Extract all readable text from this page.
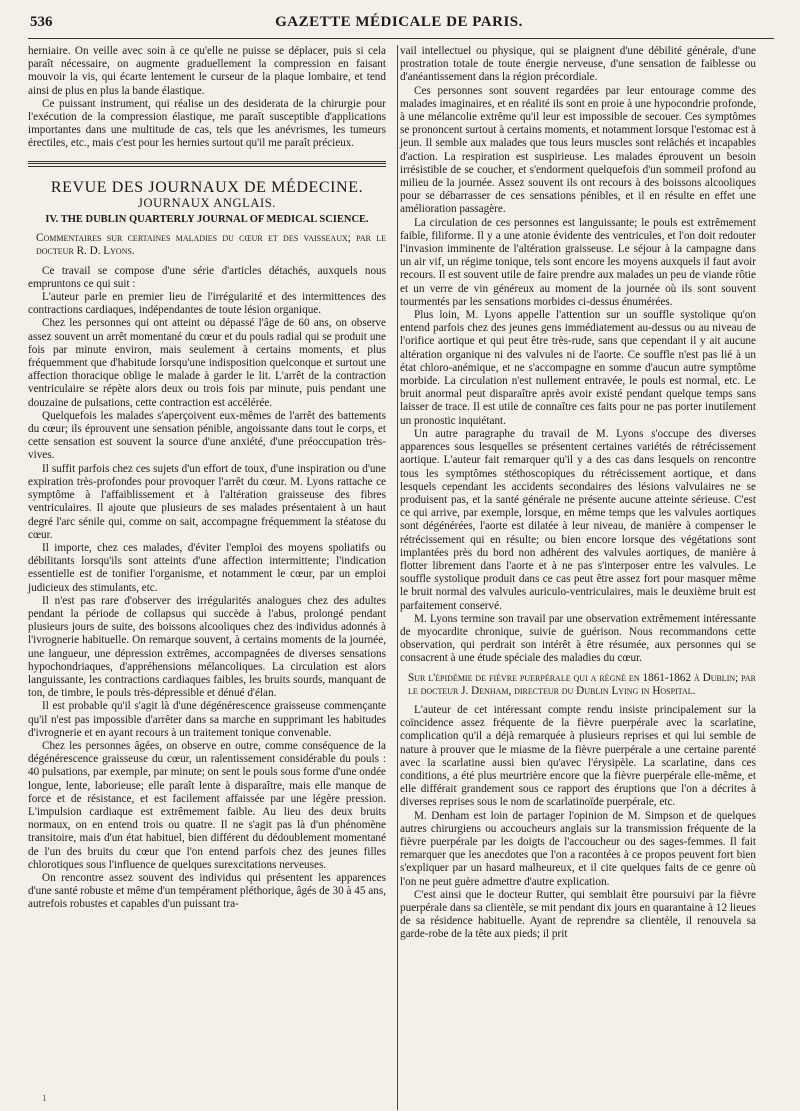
536	GAZETTE MÉDICALE DE PARIS.

herniaire. On veille avec soin à ce qu'elle ne puisse se déplacer, puis si cela paraît nécessaire, on augmente graduellement la compression en faisant mouvoir la vis, qui écarte lentement le curseur de la plaque lombaire, et tend ainsi de plus en plus la bande élastique.

Ce puissant instrument, qui réalise un des desiderata de la chirurgie pour l'exécution de la compression élastique, me paraît susceptible d'applications importantes dans une multitude de cas, tels que les anévrismes, les tumeurs érectiles, etc., mais c'est pour les hernies surtout qu'il me paraît précieux.

REVUE DES JOURNAUX DE MÉDECINE.
JOURNAUX ANGLAIS.
IV. THE DUBLIN QUARTERLY JOURNAL OF MEDICAL SCIENCE.

Commentaires sur certaines maladies du cœur et des vaisseaux; par le docteur R. D. Lyons.

Ce travail se compose d'une série d'articles détachés, auxquels nous empruntons ce qui suit :

L'auteur parle en premier lieu de l'irrégularité et des intermittences des contractions cardiaques, indépendantes de toute lésion organique.

Chez les personnes qui ont atteint ou dépassé l'âge de 60 ans, on observe assez souvent un arrêt momentané du cœur et du pouls radial qui se produit une fois par minute environ, mais seulement à certains moments, et plus fréquemment que d'habitude lorsqu'une indisposition quelconque et surtout une affection thoracique oblige le malade à garder le lit. L'arrêt de la contraction ventriculaire se répète alors deux ou trois fois par minute, puis pendant une douzaine de pulsations, cette contraction est accélérée.

Quelquefois les malades s'aperçoivent eux-mêmes de l'arrêt des battements du cœur; ils éprouvent une sensation pénible, angoissante dans tout le corps, et cette sensation est souvent la source d'une anxiété, d'une préoccupation très-vives.

Il suffit parfois chez ces sujets d'un effort de toux, d'une inspiration ou d'une expiration très-profondes pour provoquer l'arrêt du cœur. M. Lyons rattache ce symptôme à l'affaiblissement et à l'altération graisseuse des fibres ventriculaires. Il ajoute que plusieurs de ses malades présentaient à un haut degré l'arc sénile qui, comme on sait, accompagne fréquemment la stéatose du cœur.

Il importe, chez ces malades, d'éviter l'emploi des moyens spoliatifs ou débilitants lorsqu'ils sont atteints d'une affection intermittente; l'indication essentielle est de tonifier l'organisme, et notamment le cœur, par un emploi judicieux des stimulants, etc.

Il n'est pas rare d'observer des irrégularités analogues chez des adultes pendant la période de collapsus qui succède à l'abus, prolongé pendant plusieurs jours de suite, des boissons alcooliques chez des individus adonnés à l'ivrognerie habituelle. On remarque souvent, à certains moments de la journée, une langueur, une dépression extrêmes, accompagnées de diverses sensations hypochondriaques, d'appréhensions mélancoliques. La circulation est alors languissante, les contractions cardiaques faibles, les bruits sourds, manquant de ton, de timbre, le pouls très-dépressible et dénué d'élan.

Il est probable qu'il s'agit là d'une dégénérescence graisseuse commençante qu'il n'est pas impossible d'arrêter dans sa marche en supprimant les habitudes d'ivrognerie et en ayant recours à un traitement tonique convenable.

Chez les personnes âgées, on observe en outre, comme conséquence de la dégénérescence graisseuse du cœur, un ralentissement considérable du pouls : 40 pulsations, par exemple, par minute; on sent le pouls sous forme d'une ondée longue, lente, laborieuse; elle paraît lente à disparaître, mais elle manque de force et de résistance, et est facilement affaissée par une légère pression. L'impulsion cardiaque est extrêmement faible. Au lieu des deux bruits normaux, on en entend trois ou quatre. Il ne s'agit pas là d'un phénomène transitoire, mais d'un état habituel, bien différent du dédoublement momentané de l'un des bruits du cœur que l'on entend parfois chez des jeunes filles chlorotiques sous l'influence de quelques surexcitations nerveuses.

On rencontre assez souvent des individus qui présentent les apparences d'une santé robuste et même d'un tempérament pléthorique, âgés de 30 à 45 ans, autrefois robustes et capables d'un puissant tra-

vail intellectuel ou physique, qui se plaignent d'une débilité générale, d'une prostration totale de toute énergie nerveuse, d'une sensation de faiblesse ou d'anéantissement dans la région précordiale.

Ces personnes sont souvent regardées par leur entourage comme des malades imaginaires, et en réalité ils sont en proie à une hypocondrie profonde, à une mélancolie extrême qu'il leur est impossible de secouer. Ces symptômes se prononcent surtout à certains moments, et notamment lorsque l'estomac est à jeun. Il semble aux malades que tous leurs muscles sont relâchés et incapables d'action. La respiration est suspirieuse. Les malades éprouvent un besoin irrésistible de se coucher, et s'endorment quelquefois d'un sommeil profond au milieu de la journée. Assez souvent ils ont recours à des boissons alcooliques pour se débarrasser de ces sensations pénibles, et il en résulte en effet une amélioration passagère.

La circulation de ces personnes est languissante; le pouls est extrêmement faible, filiforme. Il y a une atonie évidente des ventricules, et l'on doit redouter l'invasion imminente de l'altération graisseuse. Le séjour à la campagne dans un air vif, un régime tonique, tels sont encore les moyens auxquels il faut avoir recours. Il est souvent utile de faire prendre aux malades un peu de viande rôtie et un verre de vin généreux au moment de la journée où ils sont souvent tourmentés par les sensations morbides ci-dessus énumérées.

Plus loin, M. Lyons appelle l'attention sur un souffle systolique qu'on entend parfois chez des jeunes gens immédiatement au-dessus ou au niveau de l'orifice aortique et qui peut être très-rude, sans que cependant il y ait aucune altération organique ni des valvules ni de l'aorte. Ce souffle n'est pas lié à un état chloro-anémique, et ne s'accompagne en somme d'aucun autre symptôme morbide. La circulation n'est nullement entravée, le pouls est normal, etc. Le bruit anormal peut disparaître après avoir existé pendant quelque temps sans laisser de trace. Il est utile de connaître ces faits pour ne pas porter inutilement un pronostic inquiétant.

Un autre paragraphe du travail de M. Lyons s'occupe des diverses apparences sous lesquelles se présentent certaines variétés de rétrécissement aortique. L'auteur fait remarquer qu'il y a des cas dans lesquels on rencontre tous les symptômes stéthoscopiques du rétrécissement aortique, et dans lesquels cependant les accidents secondaires des lésions valvulaires ne se produisent pas, et la santé générale ne présente aucune atteinte sérieuse. C'est ce qui arrive, par exemple, lorsque, en même temps que les valvules aortiques sont dégénérées, l'aorte est dilatée à leur niveau, de manière à compenser le rétrécissement qui en résulte; ou bien encore lorsque des végétations sont implantées près du bord non adhérent des valvules aortiques, de manière à flotter librement dans l'aorte et à ne pas s'interposer entre les valvules. Le souffle systolique produit dans ce cas peut être assez fort pour masquer même le bruit normal des valvules auriculo-ventriculaires, mais le deuxième bruit est parfaitement conservé.

M. Lyons termine son travail par une observation extrêmement intéressante de myocardite chronique, suivie de guérison. Nous recommandons cette observation, qui perdrait son intérêt à être résumée, aux personnes qui se consacrent à une étude spéciale des maladies du cœur.

Sur l'épidémie de fièvre puerpérale qui a régné en 1861-1862 à Dublin; par le docteur J. Denham, directeur du Dublin Lying in Hospital.

L'auteur de cet intéressant compte rendu insiste principalement sur la coïncidence assez fréquente de la fièvre puerpérale avec la scarlatine, complication qu'il a déjà remarquée à plusieurs reprises et qui lui semble de nature à prouver que le miasme de la fièvre puerpérale a une certaine parenté avec la scarlatine aussi bien qu'avec l'érysipèle. La scarlatine, dans ces conditions, a été plus meurtrière encore que la fièvre puerpérale elle-même, et elle différait grandement sous ce rapport des éruptions que l'on a décrites à diverses reprises sous le nom de scarlatinoïde puerpérale, etc.

M. Denham est loin de partager l'opinion de M. Simpson et de quelques autres chirurgiens ou accoucheurs anglais sur la transmission fréquente de la fièvre puerpérale par les doigts de l'accoucheur ou des sages-femmes. Il fait remarquer que les anecdotes que l'on a racontées à ce propos peuvent fort bien s'expliquer par un hasard malheureux, et il cite quelques faits de ce genre où l'on ne peut guère admettre d'autre explication.

C'est ainsi que le docteur Rutter, qui semblait être poursuivi par la fièvre puerpérale dans sa clientèle, se mit pendant dix jours en quarantaine à 12 lieues de sa résidence habituelle. Ayant de reprendre sa clientèle, il renouvela sa garde-robe de la tête aux pieds; il prit

1
